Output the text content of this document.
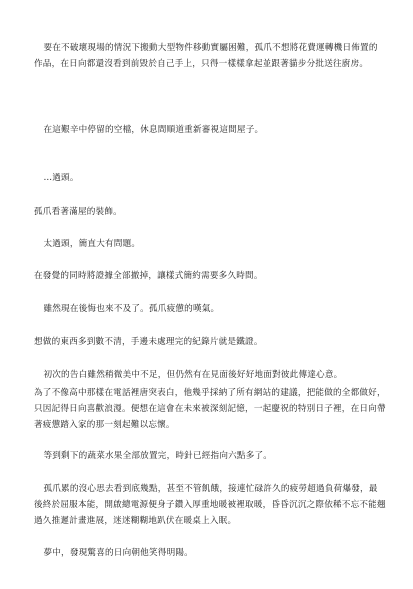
要在不破壞現場的情況下搬動大型物件移動實屬困難，孤爪不想將花費運轉機日佈置的作品，在日向都還沒看到前毀於自己手上，只得一樣樣拿起並跟著貓步分批送往廚房。

在這艱辛中停留的空檔，休息間順道重新審視這間屋子。

…過頭。

孤爪看著滿屋的裝飾。

太過頭，簡直大有問題。

在發覺的同時將證據全部撤掉，讓樣式簡約需要多久時間。

雖然現在後悔也來不及了。孤爪疲憊的嘆氣。

想做的東西多到數不清，手邊未處理完的紀錄片就是鐵證。

初次的告白雖然稍微美中不足，但仍然有在見面後好好地面對彼此傳達心意。

為了不像高中那樣在電話裡唐突表白，他幾乎採納了所有網站的建議，把能做的全都做好，只因記得日向喜歡浪漫。便想在這會在未來被深刻記憶，一起慶祝的特別日子裡，在日向帶著疲憊踏入家的那一刻起難以忘懷。

等到剩下的蔬菜水果全部放置完，時針已經指向六點多了。

孤爪累的沒心思去看到底幾點，甚至不管飢餓，接連忙碌許久的疲勞超過負荷爆發，最後終於屈服本能，開啟總電源便身子鑽入厚重地暖被裡取暖，昏昏沉沉之際依稀不忘不能翹過久推遲計畫進展，迷迷糊糊地趴伏在暖桌上入眠。

夢中，發現驚喜的日向朝他笑得明陽。
